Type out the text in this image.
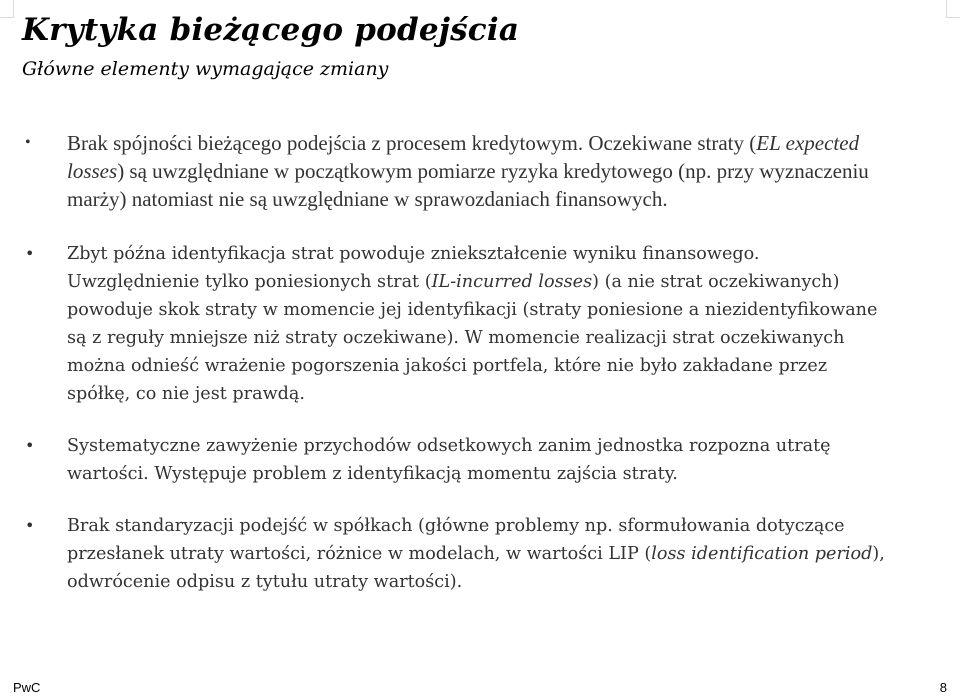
Krytyka bieżącego podejścia

Główne elementy wymagające zmiany

• Brak spójności bieżącego podejścia z procesem kredytowym. Oczekiwane straty (EL expected losses) są uwzględniane w początkowym pomiarze ryzyka kredytowego (np. przy wyznaczeniu marży) natomiast nie są uwzględniane w sprawozdaniach finansowych.
• Zbyt późna identyfikacja strat powoduje zniekształcenie wyniku finansowego. Uwzględnienie tylko poniesionych strat (IL-incurred losses) (a nie strat oczekiwanych) powoduje skok straty w momencie jej identyfikacji (straty poniesione a niezidentyfikowane są z reguły mniejsze niż straty oczekiwane). W momencie realizacji strat oczekiwanych można odnieść wrażenie pogorszenia jakości portfela, które nie było zakładane przez spółkę, co nie jest prawdą.
• Systematyczne zawyżenie przychodów odsetkowych zanim jednostka rozpozna utratę wartości. Występuje problem z identyfikacją momentu zajścia straty.
• Brak standaryzacji podejść w spółkach (główne problemy np. sformułowania dotyczące przesłanek utraty wartości, różnice w modelach, w wartości LIP (loss identification period), odwrócenie odpisu z tytułu utraty wartości).
PwC	8
